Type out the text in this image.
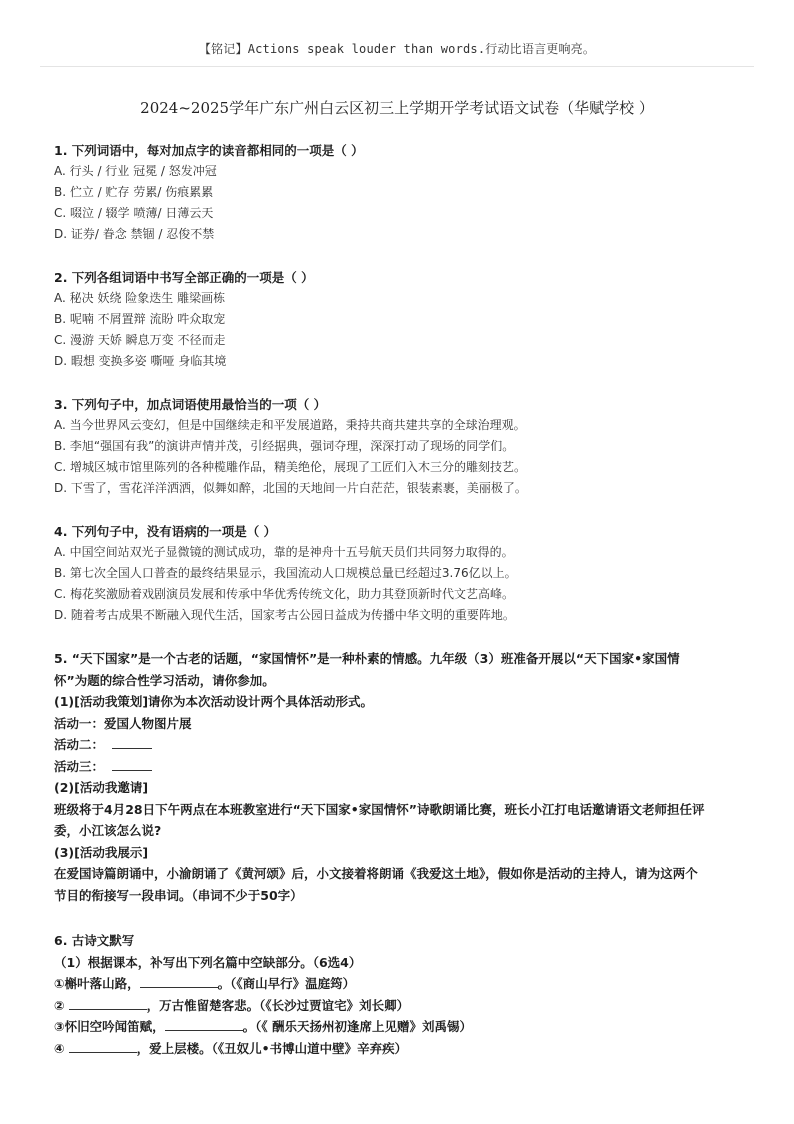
【铭记】Actions speak louder than words.行动比语言更响亮。
2024~2025学年广东广州白云区初三上学期开学考试语文试卷（华赋学校 ）

1. 下列词语中，每对加点字的读音都相同的一项是（ ）

A. 行头 / 行业 冠冕 / 怒发冲冠

B. 伫立 / 贮存 劳累/ 伤痕累累

C. 啜泣 / 辍学 喷薄/ 日薄云天

D. 证券/ 眷念 禁锢 / 忍俊不禁

2. 下列各组词语中书写全部正确的一项是（ ）

A. 秘决 妖绕 险象迭生 雕梁画栋

B. 呢喃 不屑置辩 流盼 吽众取宠

C. 漫游 天娇 瞬息万变 不径而走

D. 暇想 变换多姿 嘶哑 身临其境

3. 下列句子中，加点词语使用最恰当的一项（ ）

A. 当今世界风云变幻，但是中国继续走和平发展道路，秉持共商共建共享的全球治理观。

B. 李旭“强国有我”的演讲声情并茂，引经据典，强词夺理，深深打动了现场的同学们。

C. 增城区城市馆里陈列的各种榄雕作品，精美绝伦，展现了工匠们入木三分的雕刻技艺。

D. 下雪了，雪花洋洋洒洒，似舞如醉，北国的天地间一片白茫茫，银装素裹，美丽极了。

4. 下列句子中，没有语病的一项是（ ）

A. 中国空间站双光子显微镜的测试成功，靠的是神舟十五号航天员们共同努力取得的。

B. 第七次全国人口普查的最终结果显示，我国流动人口规模总量已经超过3.76亿以上。

C. 梅花奖激励着戏剧演员发展和传承中华优秀传统文化，助力其登顶新时代文艺高峰。

D. 随着考古成果不断融入现代生活，国家考古公园日益成为传播中华文明的重要阵地。

5. “天下国家”是一个古老的话题，“家国情怀”是一种朴素的情感。九年级（3）班准备开展以“天下国家•家国情

怀”为题的综合性学习活动，请你参加。

(1)[活动我策划]请你为本次活动设计两个具体活动形式。

活动一：爱国人物图片展

活动二：

活动三：

(2)[活动我邀请]

班级将于4月28日下午两点在本班教室进行“天下国家•家国情怀”诗歌朗诵比赛，班长小江打电话邀请语文老师担任评

委，小江该怎么说?

(3)[活动我展示]

在爱国诗篇朗诵中，小渝朗诵了《黄河颂》后，小文接着将朗诵《我爱这土地》，假如你是活动的主持人，请为这两个

节目的衔接写一段串词。（串词不少于50字）

6. 古诗文默写

（1）根据课本，补写出下列名篇中空缺部分。（6选4）

①槲叶落山路，	。（《商山早行》温庭筠）

②	，万古惟留楚客悲。（《长沙过贾谊宅》刘长卿）

③怀旧空吟闻笛赋，	。（《 酬乐天扬州初逢席上见赠》刘禹锡）

④	，爱上层楼。（《丑奴儿•书博山道中壁》辛弃疾）
